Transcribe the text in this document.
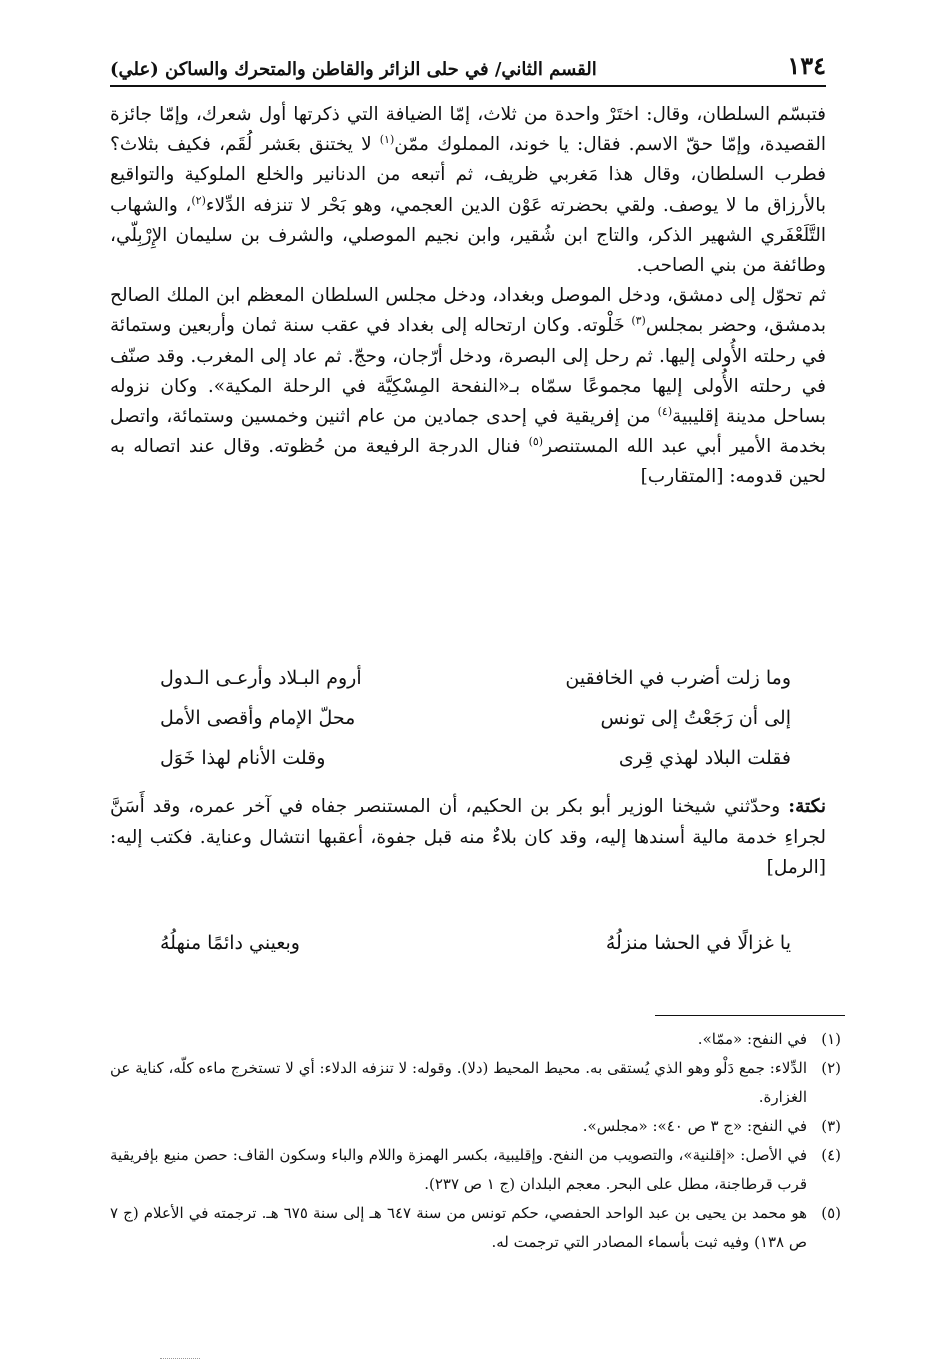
١٣٤
القسم الثاني/ في حلى الزائر والقاطن والمتحرك والساكن (علي)

فتبسّم السلطان، وقال: اختَرْ واحدة من ثلاث، إمّا الضيافة التي ذكرتها أول شعرك، وإمّا جائزة القصيدة، وإمّا حقّ الاسم. فقال: يا خوند، المملوك ممّن$^{(١)}$ لا يختنق بعَشر لُقَم، فكيف بثلاث؟ فطرب السلطان، وقال هذا مَغربي ظريف، ثم أتبعه من الدنانير والخلع الملوكية والتواقيع بالأرزاق ما لا يوصف. ولقي بحضرته عَوْن الدين العجمي، وهو بَحْر لا تنزفه الدِّلاء$^{(٢)}$، والشهاب التَّلَعْفَري الشهير الذكر، والتاج ابن شُقير، وابن نجيم الموصلي، والشرف بن سليمان الإِرْبِلّي، وطائفة من بني الصاحب.

ثم تحوّل إلى دمشق، ودخل الموصل وبغداد، ودخل مجلس السلطان المعظم ابن الملك الصالح بدمشق، وحضر بمجلس$^{(٣)}$ خَلْوته. وكان ارتحاله إلى بغداد في عقب سنة ثمان وأربعين وستمائة في رحلته الأُولى إليها. ثم رحل إلى البصرة، ودخل أرّجان، وحجّ. ثم عاد إلى المغرب. وقد صنّف في رحلته الأُولى إليها مجموعًا سمّاه بـ«النفحة المِسْكِيَّة في الرحلة المكية». وكان نزوله بساحل مدينة إقليبية$^{(٤)}$ من إفريقية في إحدى جمادين من عام اثنين وخمسين وستمائة، واتصل بخدمة الأمير أبي عبد الله المستنصر$^{(٥)}$ فنال الدرجة الرفيعة من حُظوته. وقال عند اتصاله به لحين قدومه: [المتقارب]

وما زلت أضرب في الخافقين
أروم البـلاد وأرعـى الـدول
إلى أن رَجَعْتُ إلى تونس
محلّ الإمام وأقصى الأمل
فقلت البلاد لهذي قِرى
وقلت الأنام لهذا خَوَل

نكتة: وحدّثني شيخنا الوزير أبو بكر بن الحكيم، أن المستنصر جفاه في آخر عمره، وقد أَسَنَّ لجراءِ خدمة مالية أسندها إليه، وقد كان بلاءٌ منه قبل جفوة، أعقبها انتشال وعناية. فكتب إليه: [الرمل]

يا غزالًا في الحشا منزلُهُ
وبعيني دائمًا منهلُهُ
(١)
في النفح: «ممّا».
(٢)
الدِّلاء: جمع دَلْو وهو الذي يُستقى به. محيط المحيط (دلا). وقوله: لا تنزفه الدلاء: أي لا تستخرج ماءه كلّه، كناية عن الغزارة.
(٣)
في النفح: «ج ٣ ص ٤٠»: «مجلس».
(٤)
في الأصل: «إقلنية»، والتصويب من النفح. وإقليبية، بكسر الهمزة واللام والباء وسكون القاف: حصن منيع بإفريقية قرب قرطاجنة، مطل على البحر. معجم البلدان (ج ١ ص ٢٣٧).
(٥)
هو محمد بن يحيى بن عبد الواحد الحفصي، حكم تونس من سنة ٦٤٧ هـ إلى سنة ٦٧٥ هـ. ترجمته في الأعلام (ج ٧ ص ١٣٨) وفيه ثبت بأسماء المصادر التي ترجمت له.
